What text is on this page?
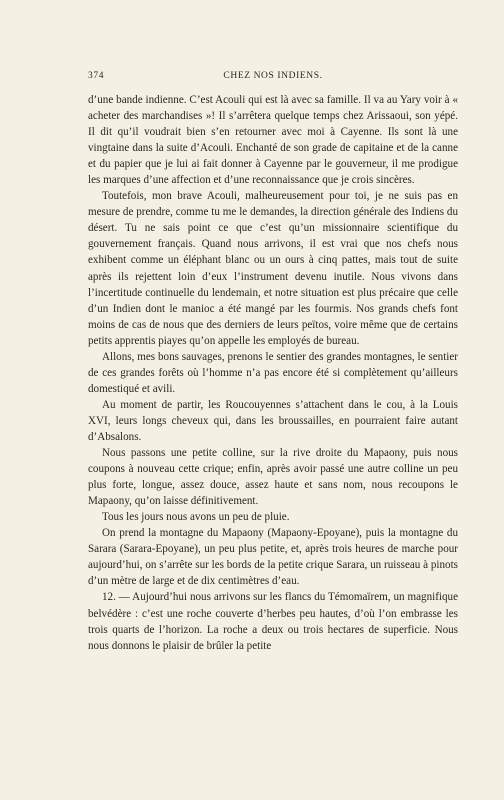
374	CHEZ NOS INDIENS.

d’une bande indienne. C’est Acouli qui est là avec sa famille. Il va au Yary voir à « acheter des marchandises »! Il s’arrêtera quelque temps chez Arissaoui, son yépé. Il dit qu’il voudrait bien s’en retourner avec moi à Cayenne. Ils sont là une vingtaine dans la suite d’Acouli. Enchanté de son grade de capitaine et de la canne et du papier que je lui ai fait donner à Cayenne par le gouverneur, il me prodigue les marques d’une affection et d’une reconnaissance que je crois sincères.

Toutefois, mon brave Acouli, malheureusement pour toi, je ne suis pas en mesure de prendre, comme tu me le demandes, la direction générale des Indiens du désert. Tu ne sais point ce que c’est qu’un missionnaire scientifique du gouvernement français. Quand nous arrivons, il est vrai que nos chefs nous exhibent comme un éléphant blanc ou un ours à cinq pattes, mais tout de suite après ils rejettent loin d’eux l’instrument devenu inutile. Nous vivons dans l’incertitude continuelle du lendemain, et notre situation est plus précaire que celle d’un Indien dont le manioc a été mangé par les fourmis. Nos grands chefs font moins de cas de nous que des derniers de leurs peïtos, voire même que de certains petits apprentis piayes qu’on appelle les employés de bureau.

Allons, mes bons sauvages, prenons le sentier des grandes montagnes, le sentier de ces grandes forêts où l’homme n’a pas encore été si complètement qu’ailleurs domestiqué et avili.

Au moment de partir, les Roucouyennes s’attachent dans le cou, à la Louis XVI, leurs longs cheveux qui, dans les broussailles, en pourraient faire autant d’Absalons.

Nous passons une petite colline, sur la rive droite du Mapaony, puis nous coupons à nouveau cette crique; enfin, après avoir passé une autre colline un peu plus forte, longue, assez douce, assez haute et sans nom, nous recoupons le Mapaony, qu’on laisse définitivement.

Tous les jours nous avons un peu de pluie.

On prend la montagne du Mapaony (Mapaony-Epoyane), puis la montagne du Sarara (Sarara-Epoyane), un peu plus petite, et, après trois heures de marche pour aujourd’hui, on s’arrête sur les bords de la petite crique Sarara, un ruisseau à pinots d’un mètre de large et de dix centimètres d’eau.

12. — Aujourd’hui nous arrivons sur les flancs du Témomaïrem, un magnifique belvédère : c’est une roche couverte d’herbes peu hautes, d’où l’on embrasse les trois quarts de l’horizon. La roche a deux ou trois hectares de superficie. Nous nous donnons le plaisir de brûler la petite
